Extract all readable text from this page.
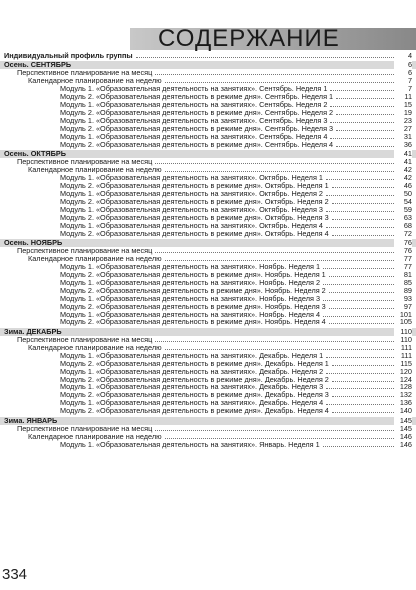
СОДЕРЖАНИЕ
Индивидуальный профиль группы	4
Осень. СЕНТЯБРЬ	6
Перспективное планирование на месяц	6
Календарное планирование на неделю	7
Модуль 1. «Образовательная деятельность на занятиях». Сентябрь. Неделя 1	7
Модуль 2. «Образовательная деятельность в режиме дня». Сентябрь. Неделя 1	11
Модуль 1. «Образовательная деятельность на занятиях». Сентябрь. Неделя 2	15
Модуль 2. «Образовательная деятельность в режиме дня». Сентябрь. Неделя 2	19
Модуль 1. «Образовательная деятельность на занятиях». Сентябрь. Неделя 3	23
Модуль 2. «Образовательная деятельность в режиме дня». Сентябрь. Неделя 3	27
Модуль 1. «Образовательная деятельность на занятиях». Сентябрь. Неделя 4	31
Модуль 2. «Образовательная деятельность в режиме дня». Сентябрь. Неделя 4	36
Осень. ОКТЯБРЬ	41
Перспективное планирование на месяц	41
Календарное планирование на неделю	42
Модуль 1. «Образовательная деятельность на занятиях». Октябрь. Неделя 1	42
Модуль 2. «Образовательная деятельность в режиме дня». Октябрь. Неделя 1	46
Модуль 1. «Образовательная деятельность на занятиях». Октябрь. Неделя 2	50
Модуль 2. «Образовательная деятельность в режиме дня». Октябрь. Неделя 2	54
Модуль 1. «Образовательная деятельность на занятиях». Октябрь. Неделя 3	59
Модуль 2. «Образовательная деятельность в режиме дня». Октябрь. Неделя 3	63
Модуль 1. «Образовательная деятельность на занятиях». Октябрь. Неделя 4	68
Модуль 2. «Образовательная деятельность в режиме дня». Октябрь. Неделя 4	72
Осень. НОЯБРЬ	76
Перспективное планирование на месяц	76
Календарное планирование на неделю	77
Модуль 1. «Образовательная деятельность на занятиях». Ноябрь. Неделя 1	77
Модуль 2. «Образовательная деятельность в режиме дня». Ноябрь. Неделя 1	81
Модуль 1. «Образовательная деятельность на занятиях». Ноябрь. Неделя 2	85
Модуль 2. «Образовательная деятельность в режиме дня». Ноябрь. Неделя 2	89
Модуль 1. «Образовательная деятельность на занятиях». Ноябрь. Неделя 3	93
Модуль 2. «Образовательная деятельность в режиме дня». Ноябрь. Неделя 3	97
Модуль 1. «Образовательная деятельность на занятиях». Ноябрь. Неделя 4	101
Модуль 2. «Образовательная деятельность в режиме дня». Ноябрь. Неделя 4	105
Зима. ДЕКАБРЬ	110
Перспективное планирование на месяц	110
Календарное планирование на неделю	111
Модуль 1. «Образовательная деятельность на занятиях». Декабрь. Неделя 1	111
Модуль 2. «Образовательная деятельность в режиме дня». Декабрь. Неделя 1	115
Модуль 1. «Образовательная деятельность на занятиях». Декабрь. Неделя 2	120
Модуль 2. «Образовательная деятельность в режиме дня». Декабрь. Неделя 2	124
Модуль 1. «Образовательная деятельность на занятиях». Декабрь. Неделя 3	128
Модуль 2. «Образовательная деятельность в режиме дня». Декабрь. Неделя 3	132
Модуль 1. «Образовательная деятельность на занятиях». Декабрь. Неделя 4	136
Модуль 2. «Образовательная деятельность в режиме дня». Декабрь. Неделя 4	140
Зима. ЯНВАРЬ	145
Перспективное планирование на месяц	145
Календарное планирование на неделю	146
Модуль 1. «Образовательная деятельность на занятиях». Январь. Неделя 1	146
334
